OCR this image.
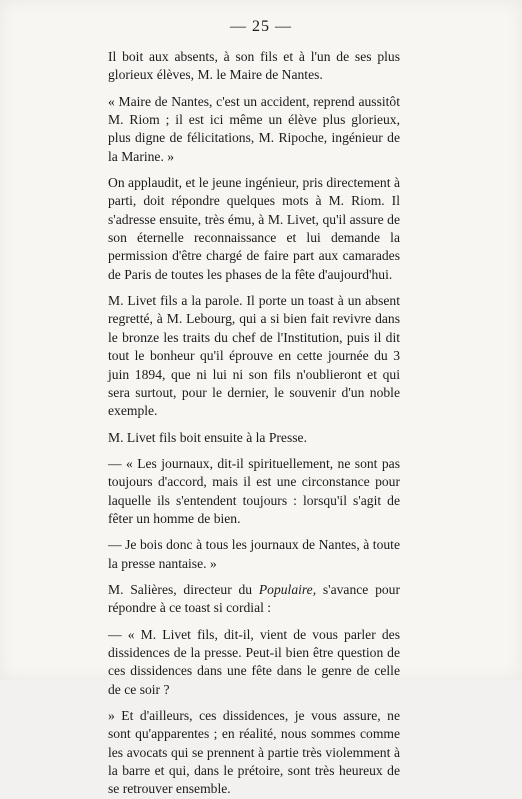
— 25 —

Il boit aux absents, à son fils et à l'un de ses plus glorieux élèves, M. le Maire de Nantes.

« Maire de Nantes, c'est un accident, reprend aussitôt M. Riom ; il est ici même un élève plus glorieux, plus digne de félicitations, M. Ripoche, ingénieur de la Marine. »

On applaudit, et le jeune ingénieur, pris directement à parti, doit répondre quelques mots à M. Riom. Il s'adresse ensuite, très ému, à M. Livet, qu'il assure de son éternelle reconnaissance et lui demande la permission d'être chargé de faire part aux camarades de Paris de toutes les phases de la fête d'aujourd'hui.

M. Livet fils a la parole. Il porte un toast à un absent regretté, à M. Lebourg, qui a si bien fait revivre dans le bronze les traits du chef de l'Institution, puis il dit tout le bonheur qu'il éprouve en cette journée du 3 juin 1894, que ni lui ni son fils n'oublieront et qui sera surtout, pour le dernier, le souvenir d'un noble exemple.

M. Livet fils boit ensuite à la Presse.

— « Les journaux, dit-il spirituellement, ne sont pas toujours d'accord, mais il est une circonstance pour laquelle ils s'entendent toujours : lorsqu'il s'agit de fêter un homme de bien.

— Je bois donc à tous les journaux de Nantes, à toute la presse nantaise. »

M. Salières, directeur du Populaire, s'avance pour répondre à ce toast si cordial :

— « M. Livet fils, dit-il, vient de vous parler des dissidences de la presse. Peut-il bien être question de ces dissidences dans une fête dans le genre de celle de ce soir ?

» Et d'ailleurs, ces dissidences, je vous assure, ne sont qu'apparentes ; en réalité, nous sommes comme les avocats qui se prennent à partie très violemment à la barre et qui, dans le prétoire, sont très heureux de se retrouver ensemble.
